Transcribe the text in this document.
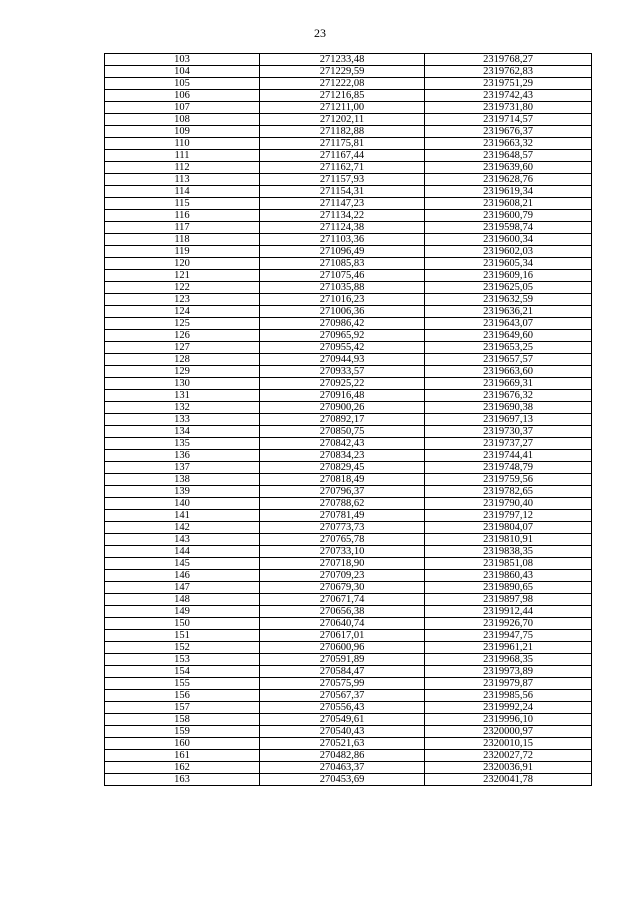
23
103	271233,48	2319768,27
104	271229,59	2319762,83
105	271222,08	2319751,29
106	271216,85	2319742,43
107	271211,00	2319731,80
108	271202,11	2319714,57
109	271182,88	2319676,37
110	271175,81	2319663,32
111	271167,44	2319648,57
112	271162,71	2319639,60
113	271157,93	2319628,76
114	271154,31	2319619,34
115	271147,23	2319608,21
116	271134,22	2319600,79
117	271124,38	2319598,74
118	271103,36	2319600,34
119	271096,49	2319602,03
120	271085,83	2319605,34
121	271075,46	2319609,16
122	271035,88	2319625,05
123	271016,23	2319632,59
124	271006,36	2319636,21
125	270986,42	2319643,07
126	270965,92	2319649,60
127	270955,42	2319653,25
128	270944,93	2319657,57
129	270933,57	2319663,60
130	270925,22	2319669,31
131	270916,48	2319676,32
132	270900,26	2319690,38
133	270892,17	2319697,13
134	270850,75	2319730,37
135	270842,43	2319737,27
136	270834,23	2319744,41
137	270829,45	2319748,79
138	270818,49	2319759,56
139	270796,37	2319782,65
140	270788,62	2319790,40
141	270781,49	2319797,12
142	270773,73	2319804,07
143	270765,78	2319810,91
144	270733,10	2319838,35
145	270718,90	2319851,08
146	270709,23	2319860,43
147	270679,30	2319890,65
148	270671,74	2319897,98
149	270656,38	2319912,44
150	270640,74	2319926,70
151	270617,01	2319947,75
152	270600,96	2319961,21
153	270591,89	2319968,35
154	270584,47	2319973,89
155	270575,99	2319979,87
156	270567,37	2319985,56
157	270556,43	2319992,24
158	270549,61	2319996,10
159	270540,43	2320000,97
160	270521,63	2320010,15
161	270482,86	2320027,72
162	270463,37	2320036,91
163	270453,69	2320041,78
